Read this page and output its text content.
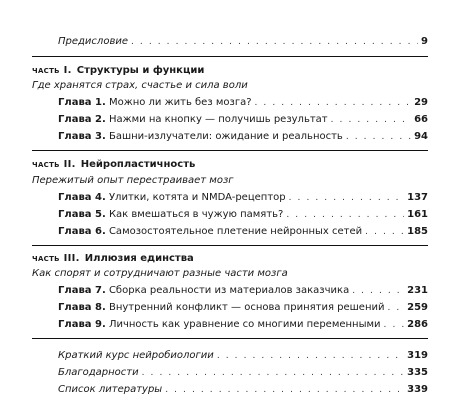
Предисловие . . .	9
часть I. Структуры и функции
Где хранятся страх, счастье и сила воли
Глава 1. Можно ли жить без мозга? . . .	29
Глава 2. Нажми на кнопку — получишь результат . . .	66
Глава 3. Башни-излучатели: ожидание и реальность . . .	94
часть II. Нейропластичность
Пережитый опыт перестраивает мозг
Глава 4. Улитки, котята и NMDA-рецептор . . .	137
Глава 5. Как вмешаться в чужую память? . . .	161
Глава 6. Самозостоятельное плетение нейронных сетей . . .	185
часть III. Иллюзия единства
Как спорят и сотрудничают разные части мозга
Глава 7. Сборка реальности из материалов заказчика . . .	231
Глава 8. Внутренний конфликт — основа принятия решений . . . 259
Глава 9. Личность как уравнение со многими переменными . . .	286
Краткий курс нейробиологии . . .	319
Благодарности . . .	335
Список литературы . . .	339
